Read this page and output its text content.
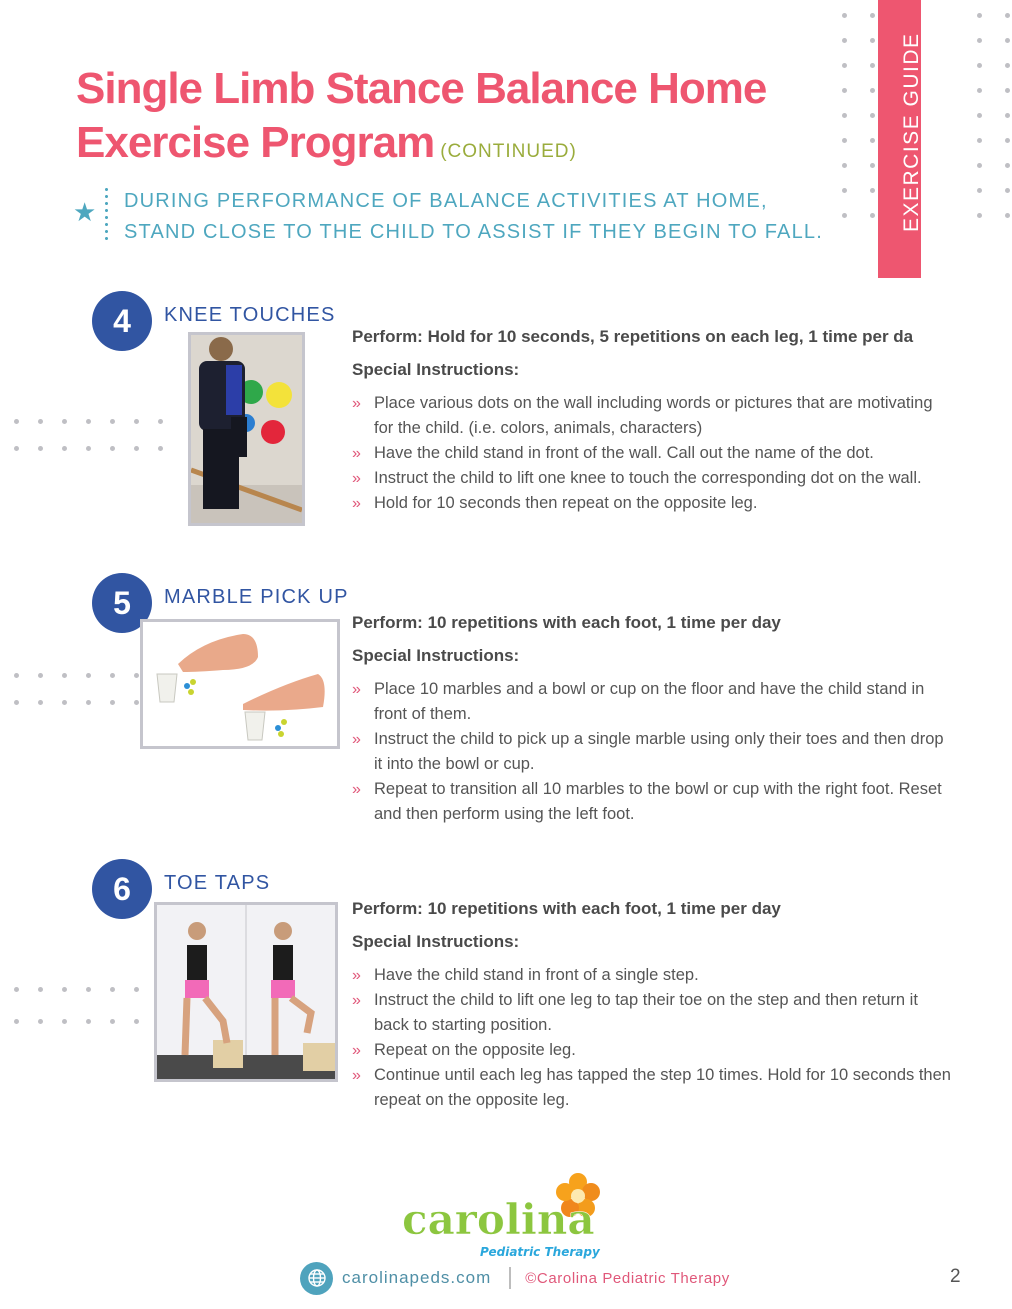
EXERCISE GUIDE
Single Limb Stance Balance Home
Exercise Program (CONTINUED)
★ DURING PERFORMANCE OF BALANCE ACTIVITIES AT HOME,
STAND CLOSE TO THE CHILD TO ASSIST IF THEY BEGIN TO FALL.

4	KNEE TOUCHES

Perform: Hold for 10 seconds, 5 repetitions on each leg, 1 time per da

Special Instructions:

» Place various dots on the wall including words or pictures that are motivating for the child. (i.e. colors, animals, characters)
» Have the child stand in front of the wall. Call out the name of the dot.
» Instruct the child to lift one knee to touch the corresponding dot on the wall.
» Hold for 10 seconds then repeat on the opposite leg.
5	MARBLE PICK UP

Perform: 10 repetitions with each foot, 1 time per day

Special Instructions:

» Place 10 marbles and a bowl or cup on the floor and have the child stand in front of them.
» Instruct the child to pick up a single marble using only their toes and then drop it into the bowl or cup.
» Repeat to transition all 10 marbles to the bowl or cup with the right foot. Reset and then perform using the left foot.
6	TOE TAPS

Perform: 10 repetitions with each foot, 1 time per day

Special Instructions:

» Have the child stand in front of a single step.
» Instruct the child to lift one leg to tap their toe on the step and then return it back to starting position.
» Repeat on the opposite leg.
» Continue until each leg has tapped the step 10 times. Hold for 10 seconds then repeat on the opposite leg.
carolina
Pediatric Therapy
carolinapeds.com ©Carolina Pediatric Therapy	2
